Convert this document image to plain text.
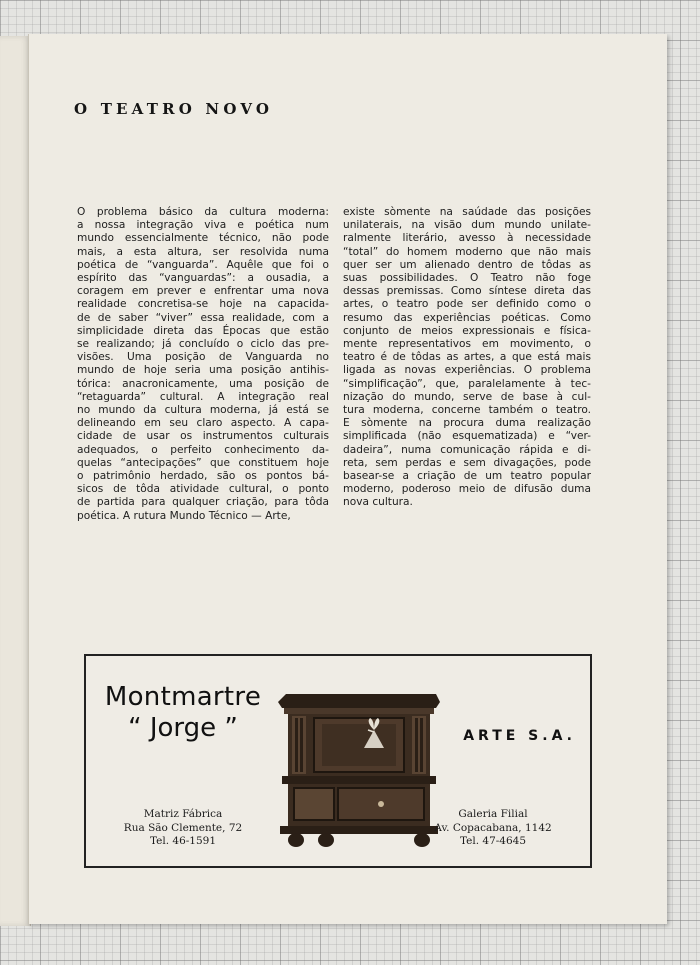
O TEATRO NOVO
O problema básico da cultura moderna:
a nossa integração viva e poética num
mundo essencialmente técnico, não pode
mais, a esta altura, ser resolvida numa
poética de “vanguarda”. Aquêle que foi o
espírito das “vanguardas”: a ousadia, a
coragem em prever e enfrentar uma nova
realidade concretisa-se hoje na capacida-
de de saber “viver” essa realidade, com a
simplicidade direta das Épocas que estão
se realizando; já concluído o ciclo das pre-
visões. Uma posição de Vanguarda no
mundo de hoje seria uma posição antihis-
tórica: anacronicamente, uma posição de
“retaguarda” cultural. A integração real
no mundo da cultura moderna, já está se
delineando em seu claro aspecto. A capa-
cidade de usar os instrumentos culturais
adequados, o perfeito conhecimento da-
quelas “antecipações” que constituem hoje
o patrimônio herdado, são os pontos bá-
sicos de tôda atividade cultural, o ponto
de partida para qualquer criação, para tôda
poética. A rutura Mundo Técnico — Arte,
existe sòmente na saúdade das posições
unilaterais, na visão dum mundo unilate-
ralmente literário, avesso à necessidade
“total” do homem moderno que não mais
quer ser um alienado dentro de tôdas as
suas possibilidades. O Teatro não foge
dessas premissas. Como síntese direta das
artes, o teatro pode ser definido como o
resumo das experiências poéticas. Como
conjunto de meios expressionais e física-
mente representativos em movimento, o
teatro é de tôdas as artes, a que está mais
ligada as novas experiências. O problema
“simplificação”, que, paralelamente à tec-
nização do mundo, serve de base à cul-
tura moderna, concerne também o teatro.
E sòmente na procura duma realização
simplificada (não esquematizada) e “ver-
dadeira”, numa comunicação rápida e di-
reta, sem perdas e sem divagações, pode
basear-se a criação de um teatro popular
moderno, poderoso meio de difusão duma
nova cultura.
Montmartre
“ Jorge ”	ARTE S.A.
Matriz Fábrica
Rua São Clemente, 72
Tel. 46-1591
Galeria Filial
Av. Copacabana, 1142
Tel. 47-4645
